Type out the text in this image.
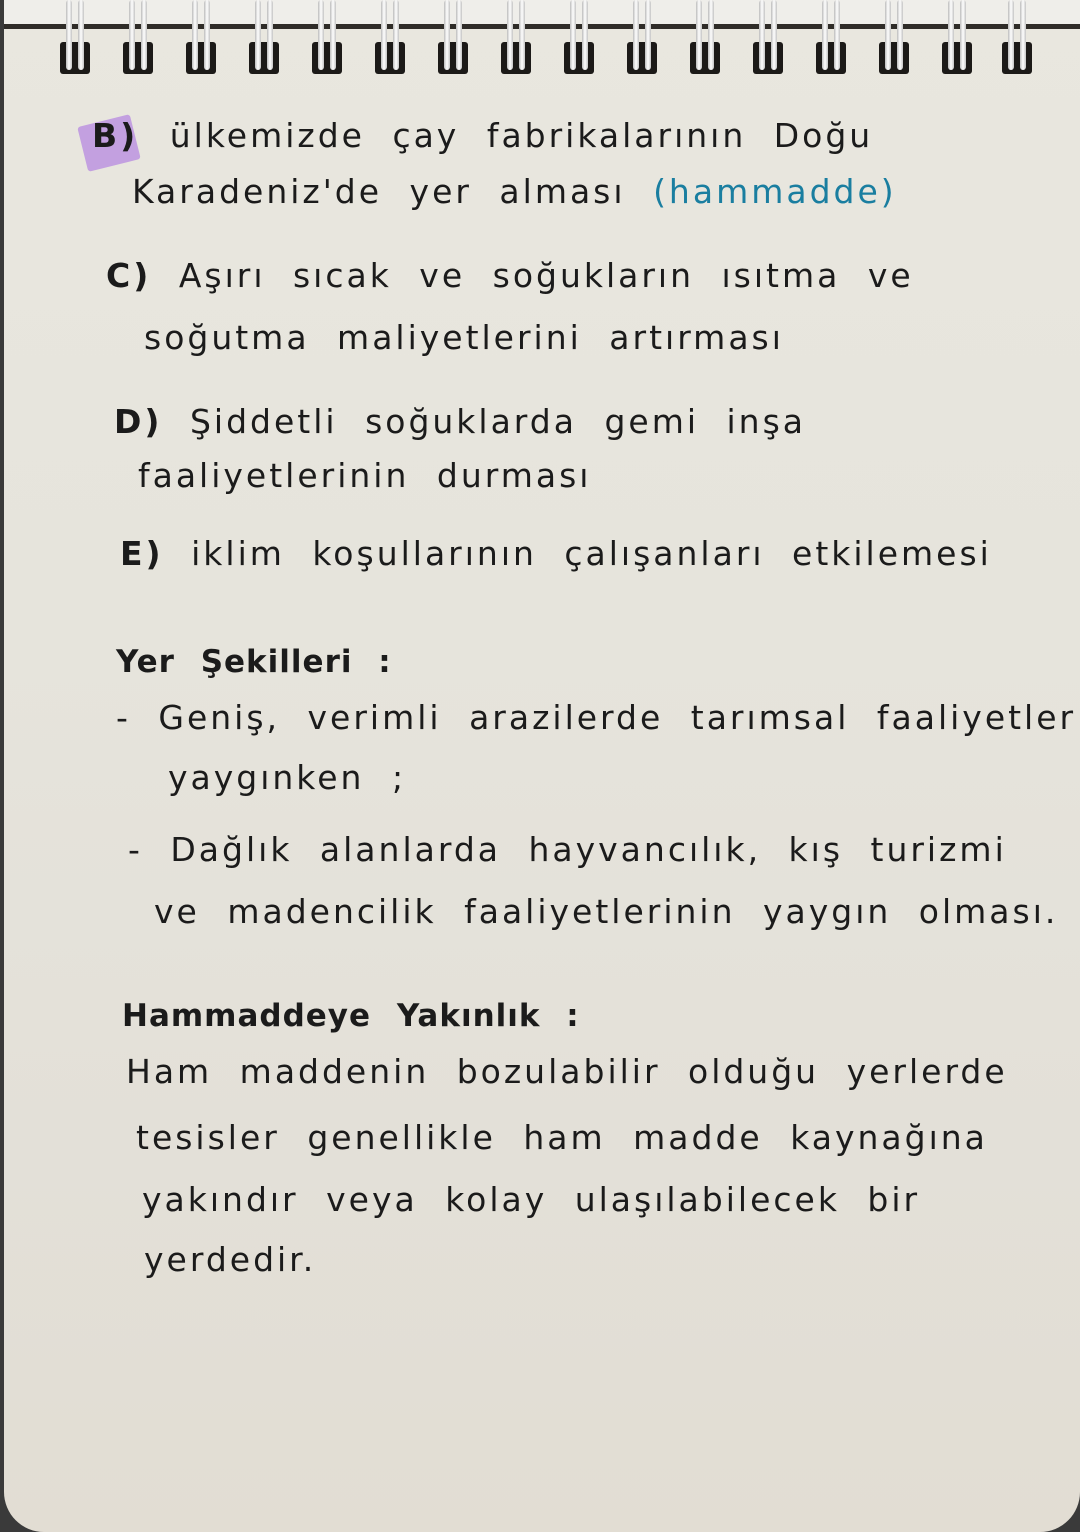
B) ülkemizde çay fabrikalarının Doğu
Karadeniz'de yer alması (hammadde)
C) Aşırı sıcak ve soğukların ısıtma ve
soğutma maliyetlerini artırması
D) Şiddetli soğuklarda gemi inşa
faaliyetlerinin durması
E) iklim koşullarının çalışanları etkilemesi
Yer Şekilleri :
- Geniş, verimli arazilerde tarımsal faaliyetler
yaygınken ;
- Dağlık alanlarda hayvancılık, kış turizmi
ve madencilik faaliyetlerinin yaygın olması.
Hammaddeye Yakınlık :
Ham maddenin bozulabilir olduğu yerlerde
tesisler genellikle ham madde kaynağına
yakındır veya kolay ulaşılabilecek bir
yerdedir.
